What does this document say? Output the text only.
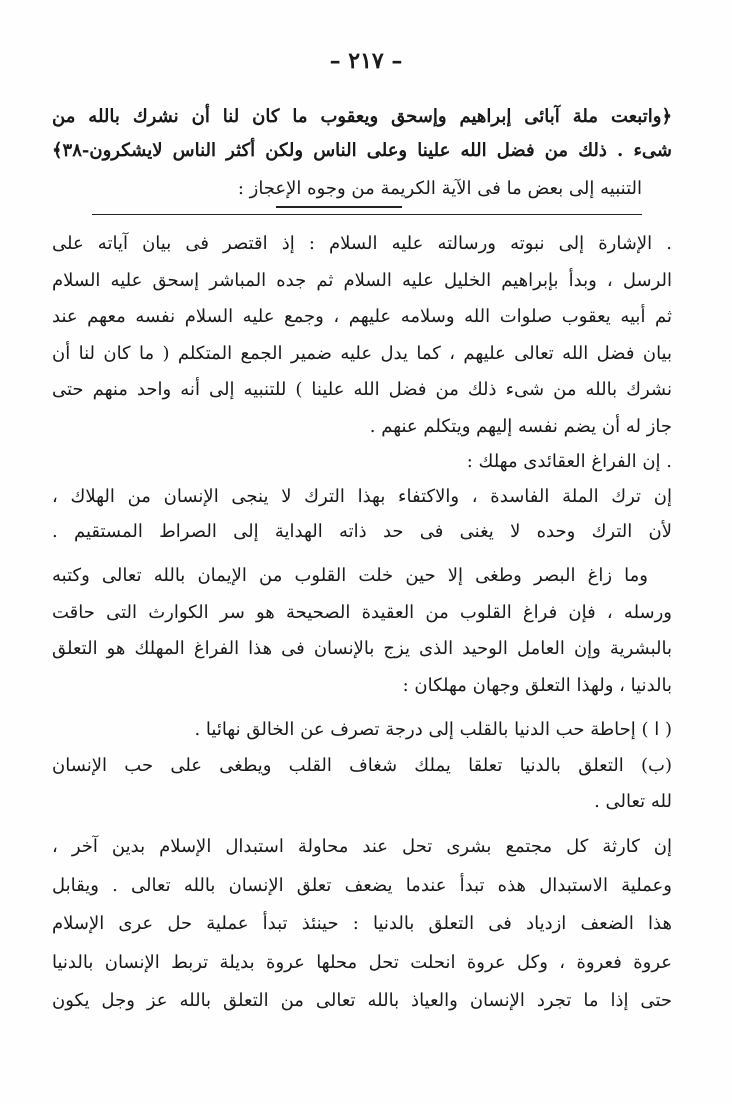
– ٢١٧ –
﴿واتبعت ملة آبائى إبراهيم وإسحق ويعقوب ما كان لنا أن نشرك بالله من
شىء . ذلك من فضل الله علينا وعلى الناس ولكن أكثر الناس لايشكرون-٣٨﴾
التنبيه إلى بعض ما فى الآية الكريمة من وجوه الإعجاز :
. الإشارة إلى نبوته ورسالته عليه السلام : إذ اقتصر فى بيان آياته على
الرسل ، وبدأ بإبراهيم الخليل عليه السلام ثم جده المباشر إسحق عليه السلام
ثم أبيه يعقوب صلوات الله وسلامه عليهم ، وجمع عليه السلام نفسه معهم عند
بيان فضل الله تعالى عليهم ، كما يدل عليه ضمير الجمع المتكلم ( ما كان لنا أن
نشرك بالله من شىء ذلك من فضل الله علينا ) للتنبيه إلى أنه واحد منهم حتى
جاز له أن يضم نفسه إليهم ويتكلم عنهم .
. إن الفراغ العقائدى مهلك :
إن ترك الملة الفاسدة ، والاكتفاء بهذا الترك لا ينجى الإنسان من الهلاك ،
لأن الترك وحده لا يغنى فى حد ذاته الهداية إلى الصراط المستقيم .
وما زاغ البصر وطغى إلا حين خلت القلوب من الإيمان بالله تعالى وكتبه
ورسله ، فإن فراغ القلوب من العقيدة الصحيحة هو سر الكوارث التى حاقت
بالبشرية وإن العامل الوحيد الذى يزج بالإنسان فى هذا الفراغ المهلك هو التعلق
بالدنيا ، ولهذا التعلق وجهان مهلكان :
( ا ) إحاطة حب الدنيا بالقلب إلى درجة تصرف عن الخالق نهائيا .
(ب) التعلق بالدنيا تعلقا يملك شغاف القلب ويطغى على حب الإنسان
لله تعالى .
إن كارثة كل مجتمع بشرى تحل عند محاولة استبدال الإسلام بدين آخر ،
وعملية الاستبدال هذه تبدأ عندما يضعف تعلق الإنسان بالله تعالى . ويقابل
هذا الضعف ازدياد فى التعلق بالدنيا : حينئذ تبدأ عملية حل عرى الإسلام
عروة فعروة ، وكل عروة انحلت تحل محلها عروة بديلة تربط الإنسان بالدنيا
حتى إذا ما تجرد الإنسان والعياذ بالله تعالى من التعلق بالله عز وجل يكون
